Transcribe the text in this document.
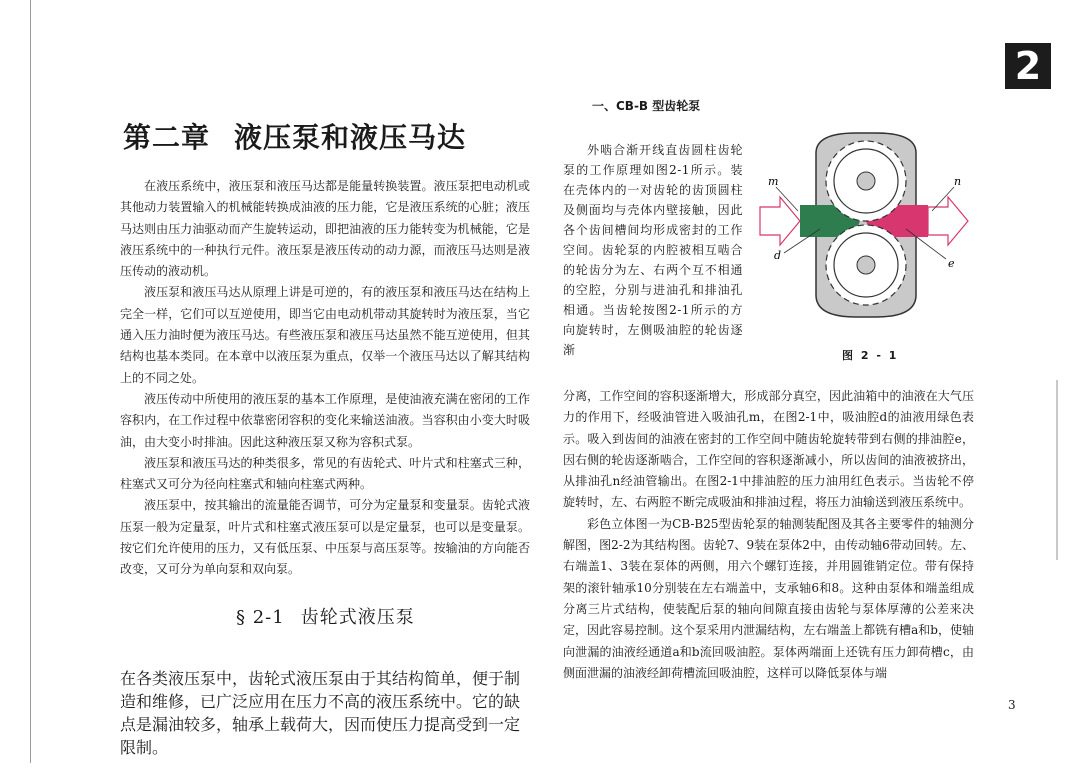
2
第二章 液压泵和液压马达

在液压系统中，液压泵和液压马达都是能量转换装置。液压泵把电动机或其他动力装置输入的机械能转换成油液的压力能，它是液压系统的心脏；液压马达则由压力油驱动而产生旋转运动，即把油液的压力能转变为机械能，它是液压系统中的一种执行元件。液压泵是液压传动的动力源，而液压马达则是液压传动的液动机。

液压泵和液压马达从原理上讲是可逆的，有的液压泵和液压马达在结构上完全一样，它们可以互逆使用，即当它由电动机带动其旋转时为液压泵，当它通入压力油时便为液压马达。有些液压泵和液压马达虽然不能互逆使用，但其结构也基本类同。在本章中以液压泵为重点，仅举一个液压马达以了解其结构上的不同之处。

液压传动中所使用的液压泵的基本工作原理，是使油液充满在密闭的工作容积内，在工作过程中依靠密闭容积的变化来输送油液。当容积由小变大时吸油，由大变小时排油。因此这种液压泵又称为容积式泵。

液压泵和液压马达的种类很多，常见的有齿轮式、叶片式和柱塞式三种，柱塞式又可分为径向柱塞式和轴向柱塞式两种。

液压泵中，按其输出的流量能否调节，可分为定量泵和变量泵。齿轮式液压泵一般为定量泵，叶片式和柱塞式液压泵可以是定量泵，也可以是变量泵。按它们允许使用的压力，又有低压泵、中压泵与高压泵等。按输油的方向能否改变，又可分为单向泵和双向泵。

§ 2-1 齿轮式液压泵

在各类液压泵中，齿轮式液压泵由于其结构简单，便于制造和维修，已广泛应用在压力不高的液压系统中。它的缺点是漏油较多，轴承上载荷大，因而使压力提高受到一定限制。

一、CB-B 型齿轮泵

外啮合渐开线直齿圆柱齿轮泵的工作原理如图2-1所示。装在壳体内的一对齿轮的齿顶圆柱及侧面均与壳体内壁接触，因此各个齿间槽间均形成密封的工作空间。齿轮泵的内腔被相互啮合的轮齿分为左、右两个互不相通的空腔，分别与进油孔和排油孔相通。当齿轮按图2-1所示的方向旋转时，左侧吸油腔的轮齿逐渐

m	n
d
e
图 2 - 1

分离，工作空间的容积逐渐增大，形成部分真空，因此油箱中的油液在大气压力的作用下，经吸油管进入吸油孔m，在图2-1中，吸油腔d的油液用绿色表示。吸入到齿间的油液在密封的工作空间中随齿轮旋转带到右侧的排油腔e，因右侧的轮齿逐渐啮合，工作空间的容积逐渐减小，所以齿间的油液被挤出，从排油孔n经油管输出。在图2-1中排油腔的压力油用红色表示。当齿轮不停旋转时，左、右两腔不断完成吸油和排油过程，将压力油输送到液压系统中。

彩色立体图一为CB-B25型齿轮泵的轴测装配图及其各主要零件的轴测分解图，图2-2为其结构图。齿轮7、9装在泵体2中，由传动轴6带动回转。左、右端盖1、3装在泵体的两侧，用六个螺钉连接，并用圆锥销定位。带有保持架的滚针轴承10分别装在左右端盖中，支承轴6和8。这种由泵体和端盖组成分离三片式结构，使装配后泵的轴向间隙直接由齿轮与泵体厚薄的公差来决定，因此容易控制。这个泵采用内泄漏结构，左右端盖上都铣有槽a和b，使轴向泄漏的油液经通道a和b流回吸油腔。泵体两端面上还铣有压力卸荷槽c，由侧面泄漏的油液经卸荷槽流回吸油腔，这样可以降低泵体与端

3
